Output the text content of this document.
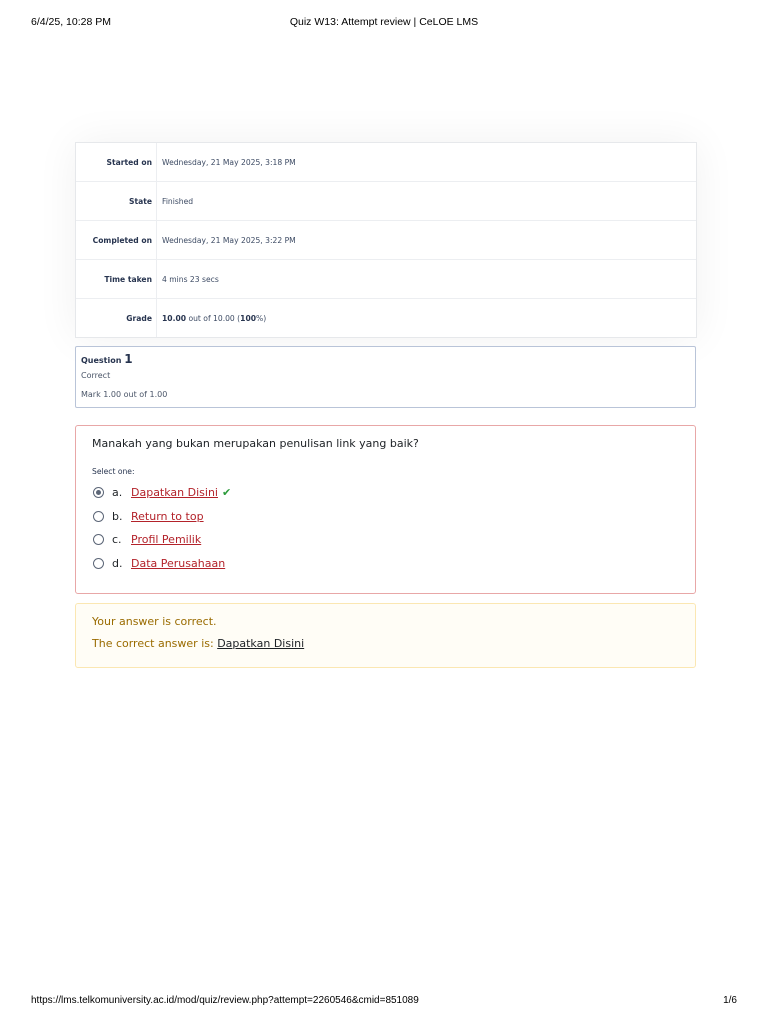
6/4/25, 10:28 PM	Quiz W13: Attempt review | CeLOE LMS
Started on	Wednesday, 21 May 2025, 3:18 PM
State	Finished
Completed on	Wednesday, 21 May 2025, 3:22 PM
Time taken	4 mins 23 secs
Grade	10.00 out of 10.00 (100%)
Question 1
Correct
Mark 1.00 out of 1.00
Manakah yang bukan merupakan penulisan link yang baik?
Select one:
a. Dapatkan Disini ✔
b. Return to top
c. Profil Pemilik
d. Data Perusahaan
Your answer is correct.
The correct answer is: Dapatkan Disini
https://lms.telkomuniversity.ac.id/mod/quiz/review.php?attempt=2260546&cmid=851089	1/6
